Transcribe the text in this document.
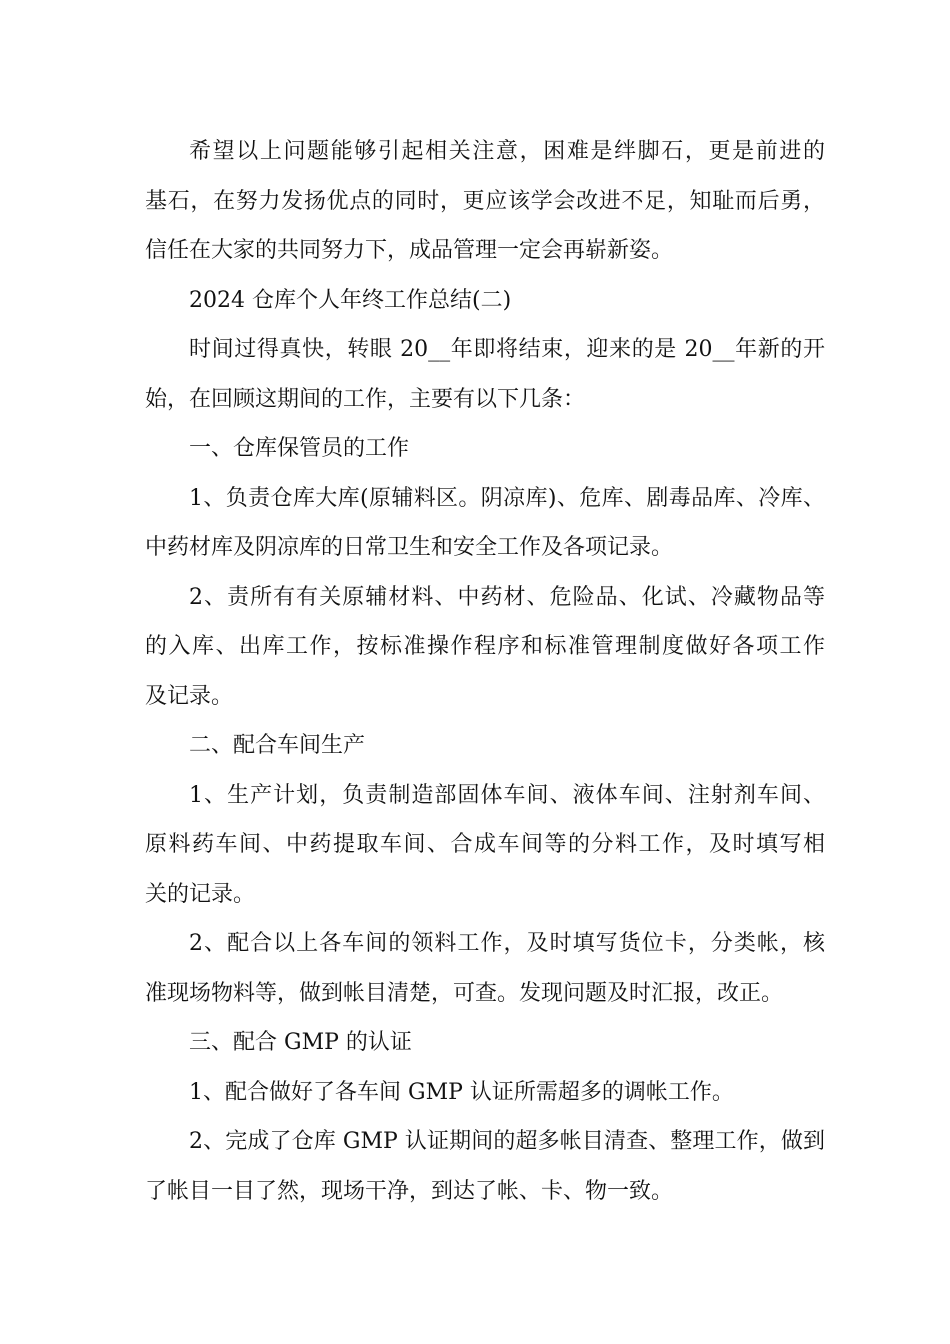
希望以上问题能够引起相关注意，困难是绊脚石，更是前进的
基石，在努力发扬优点的同时，更应该学会改进不足，知耻而后勇，
信任在大家的共同努力下，成品管理一定会再崭新姿。
2024 仓库个人年终工作总结(二)
时间过得真快，转眼 20__年即将结束，迎来的是 20__年新的开
始，在回顾这期间的工作，主要有以下几条：
一、仓库保管员的工作
1、负责仓库大库(原辅料区。阴凉库)、危库、剧毒品库、冷库、
中药材库及阴凉库的日常卫生和安全工作及各项记录。
2、责所有有关原辅材料、中药材、危险品、化试、冷藏物品等
的入库、出库工作，按标准操作程序和标准管理制度做好各项工作
及记录。
二、配合车间生产
1、生产计划，负责制造部固体车间、液体车间、注射剂车间、
原料药车间、中药提取车间、合成车间等的分料工作，及时填写相
关的记录。
2、配合以上各车间的领料工作，及时填写货位卡，分类帐，核
准现场物料等，做到帐目清楚，可查。发现问题及时汇报，改正。
三、配合 GMP 的认证
1、配合做好了各车间 GMP 认证所需超多的调帐工作。
2、完成了仓库 GMP 认证期间的超多帐目清查、整理工作，做到
了帐目一目了然，现场干净，到达了帐、卡、物一致。
